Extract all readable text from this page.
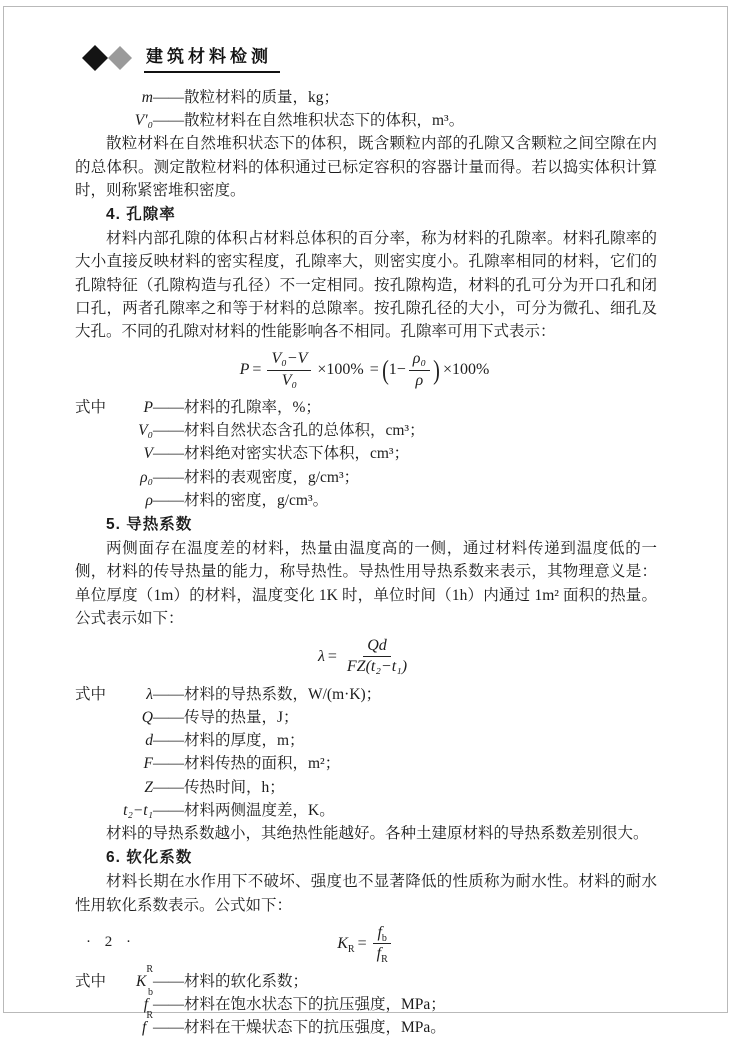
建筑材料检测
m ——散粒材料的质量，kg；
V′₀ ——散粒材料在自然堆积状态下的体积，m³。

散粒材料在自然堆积状态下的体积，既含颗粒内部的孔隙又含颗粒之间空隙在内的总体积。测定散粒材料的体积通过已标定容积的容器计量而得。若以捣实体积计算时，则称紧密堆积密度。

4. 孔隙率

材料内部孔隙的体积占材料总体积的百分率，称为材料的孔隙率。材料孔隙率的大小直接反映材料的密实程度，孔隙率大，则密实度小。孔隙率相同的材料，它们的孔隙特征（孔隙构造与孔径）不一定相同。按孔隙构造，材料的孔可分为开口孔和闭口孔，两者孔隙率之和等于材料的总隙率。按孔隙孔径的大小，可分为微孔、细孔及大孔。不同的孔隙对材料的性能影响各不相同。孔隙率可用下式表示：

$P = \frac{\text{V₀−V}}{\text{V₀}} \times 100\%$ = ( $1- \frac{\text{ρ₀}}{\rho}$ ) ×100%
式中	P ——材料的孔隙率，%；
V₀ ——材料自然状态含孔的总体积，cm³；
V ——材料绝对密实状态下体积，cm³；
ρ₀ ——材料的表观密度，g/cm³；
ρ ——材料的密度，g/cm³。
5. 导热系数

两侧面存在温度差的材料，热量由温度高的一侧，通过材料传递到温度低的一侧，材料的传导热量的能力，称导热性。导热性用导热系数来表示，其物理意义是：单位厚度（1m）的材料，温度变化 1K 时，单位时间（1h）内通过 1m² 面积的热量。公式表示如下：

$\lambda = \frac{Qd}{\text{FZ(t₂−t₁)}}$
式中	λ ——材料的导热系数，W/(m·K)；
Q ——传导的热量，J；
d ——材料的厚度，m；
F ——材料传热的面积，m²；
Z ——传热时间，h；
t₂−t₁ ——材料两侧温度差，K。

材料的导热系数越小，其绝热性能越好。各种土建原材料的导热系数差别很大。

6. 软化系数

材料长期在水作用下不破坏、强度也不显著降低的性质称为耐水性。材料的耐水性用软化系数表示。公式如下：

$K_R = \frac{f_b}{f_R}$
式中	K
R
——材料的软化系数；
f
b
——材料在饱水状态下的抗压强度，MPa；
f
R
——材料在干燥状态下的抗压强度，MPa。
· 2 ·
